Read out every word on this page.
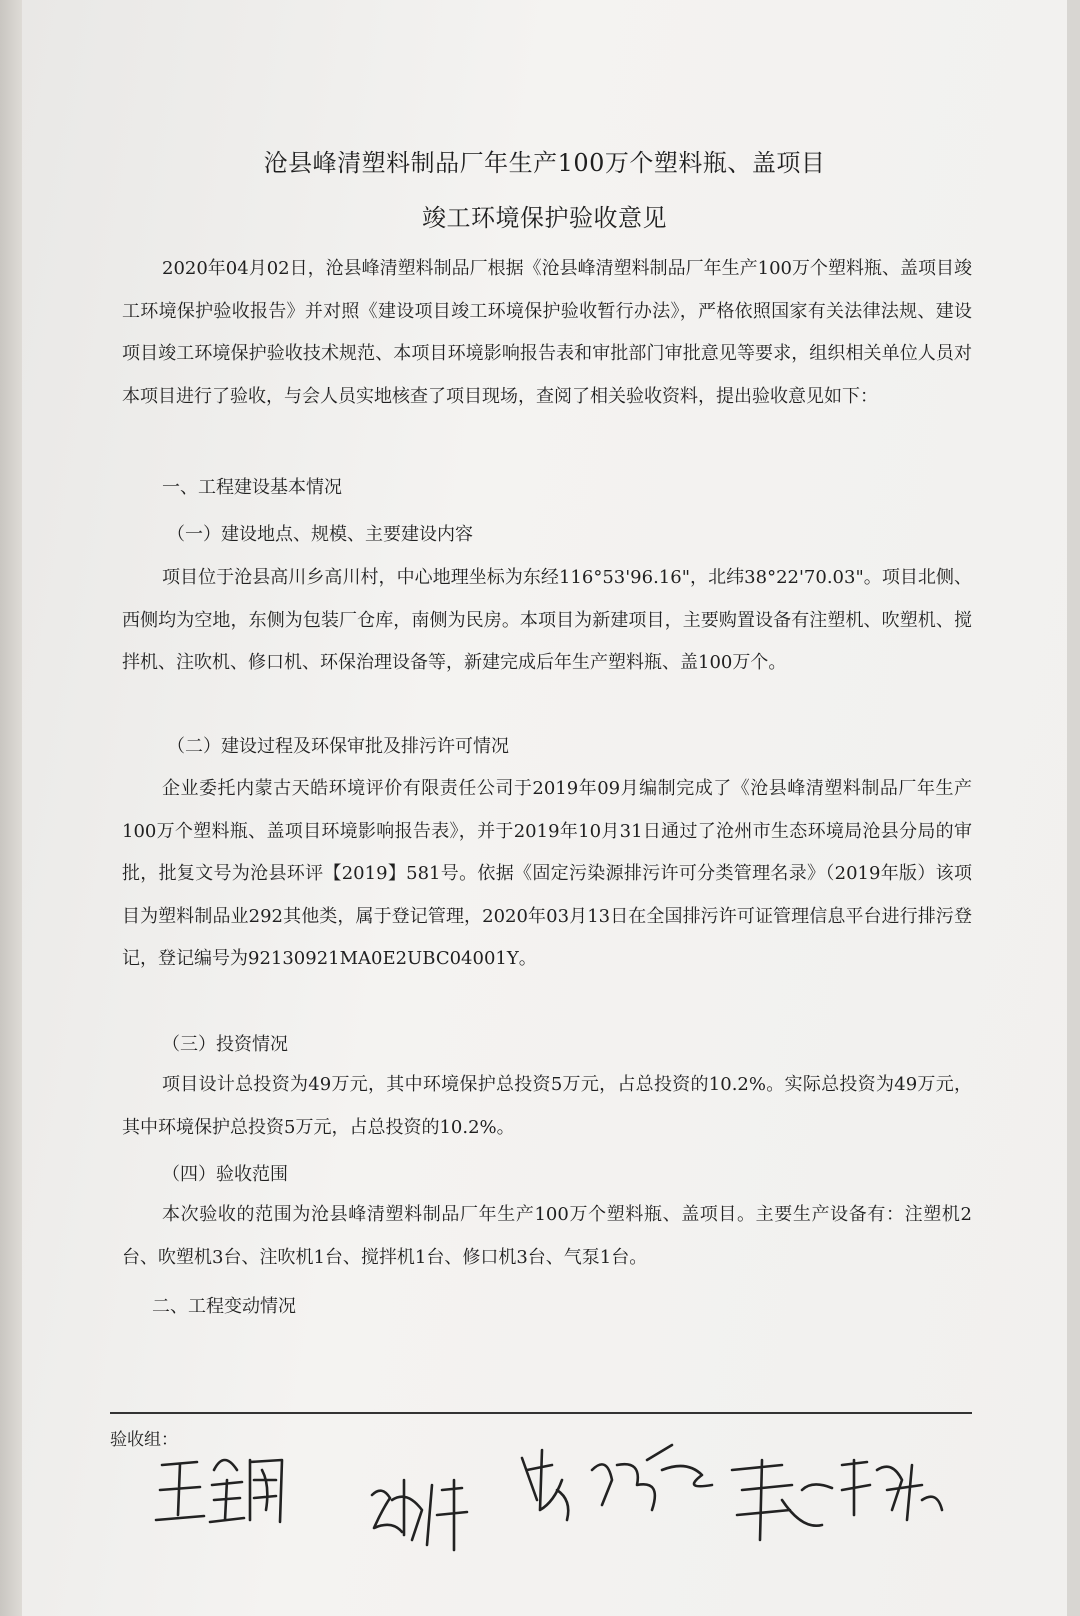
沧县峰清塑料制品厂年生产100万个塑料瓶、盖项目
竣工环境保护验收意见

2020年04月02日，沧县峰清塑料制品厂根据《沧县峰清塑料制品厂年生产100万个塑料瓶、盖项目竣工环境保护验收报告》并对照《建设项目竣工环境保护验收暂行办法》，严格依照国家有关法律法规、建设项目竣工环境保护验收技术规范、本项目环境影响报告表和审批部门审批意见等要求，组织相关单位人员对本项目进行了验收，与会人员实地核查了项目现场，查阅了相关验收资料，提出验收意见如下：

一、工程建设基本情况
（一）建设地点、规模、主要建设内容

项目位于沧县高川乡高川村，中心地理坐标为东经116°53'96.16"，北纬38°22'70.03"。项目北侧、西侧均为空地，东侧为包装厂仓库，南侧为民房。本项目为新建项目，主要购置设备有注塑机、吹塑机、搅拌机、注吹机、修口机、环保治理设备等，新建完成后年生产塑料瓶、盖100万个。

（二）建设过程及环保审批及排污许可情况

企业委托内蒙古天皓环境评价有限责任公司于2019年09月编制完成了《沧县峰清塑料制品厂年生产100万个塑料瓶、盖项目环境影响报告表》，并于2019年10月31日通过了沧州市生态环境局沧县分局的审批，批复文号为沧县环评【2019】581号。依据《固定污染源排污许可分类管理名录》（2019年版）该项目为塑料制品业292其他类，属于登记管理，2020年03月13日在全国排污许可证管理信息平台进行排污登记，登记编号为92130921MA0E2UBC04001Y。

（三）投资情况

项目设计总投资为49万元，其中环境保护总投资5万元，占总投资的10.2%。实际总投资为49万元，其中环境保护总投资5万元，占总投资的10.2%。

（四）验收范围

本次验收的范围为沧县峰清塑料制品厂年生产100万个塑料瓶、盖项目。主要生产设备有：注塑机2台、吹塑机3台、注吹机1台、搅拌机1台、修口机3台、气泵1台。

二、工程变动情况
验收组：
